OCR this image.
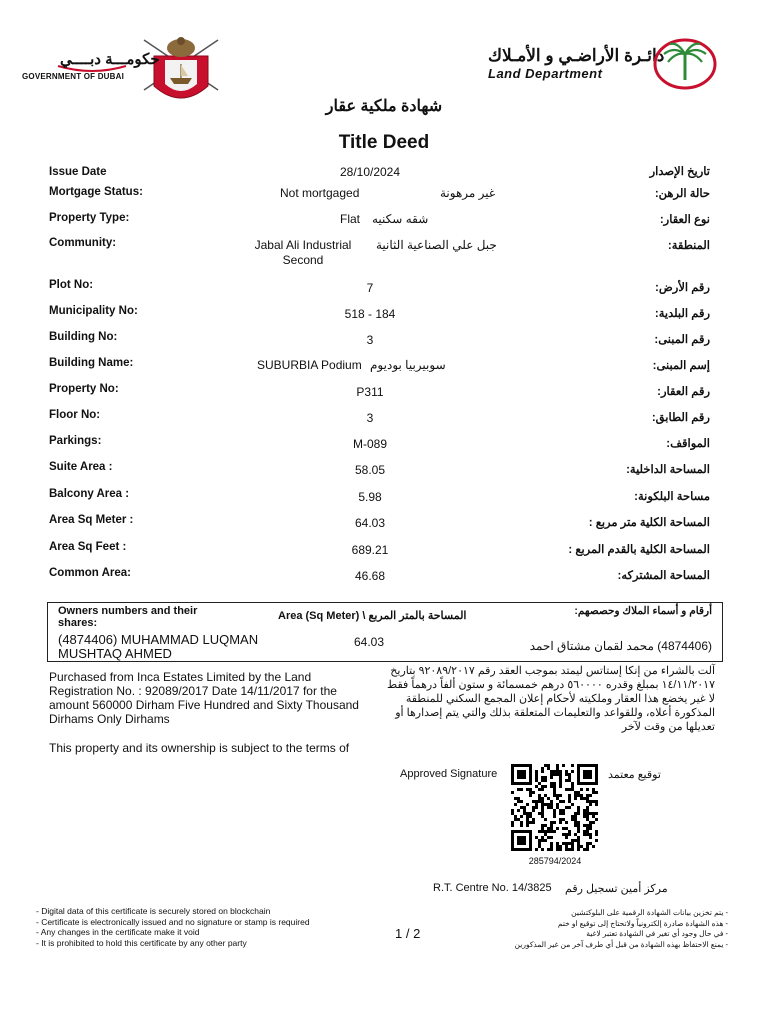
حكومـــة دبــــي
GOVERNMENT OF DUBAI
دائـرة الأراضـي و الأمـلاك
Land Department
شهادة ملكية عقار
Title Deed
Issue Date	28/10/2024	تاريخ الإصدار
Mortgage Status:	Not mortgaged	غير مرهونة	حالة الرهن:
Property Type:	Flat شقه سكنيه	نوع العقار:
Community:	Jabal Ali Industrial Second
جبل علي الصناعية الثانية	المنطقة:
Plot No:	7	رقم الأرض:
Municipality No:	518 - 184	رقم البلدية:
Building No:	3	رقم المبنى:
Building Name:	SUBURBIA Podium سوبيربيا بوديوم	إسم المبنى:
Property No:	P311	رقم العقار:
Floor No:	3	رقم الطابق:
Parkings:	M-089	المواقف:
Suite Area :	58.05	المساحة الداخلية:
Balcony Area :	5.98	مساحة البلكونة:
Area Sq Meter :	64.03	المساحة الكلية متر مربع :
Area Sq Feet :	689.21	المساحة الكلية بالقدم المربع :
Common Area:	46.68	المساحة المشتركه:
Owners numbers and their shares:
Area (Sq Meter) \ المساحة بالمتر المربع	أرقام و أسماء الملاك وحصصهم:
(4874406) MUHAMMAD LUQMAN MUSHTAQ AHMED
64.03	(4874406) محمد لقمان مشتاق احمد
Purchased from Inca Estates Limited by the Land Registration No. : 92089/2017 Date 14/11/2017 for the amount 560000 Dirham Five Hundred and Sixty Thousand Dirhams Only Dirhams
This property and its ownership is subject to the terms of
آلت بالشراء من إنكا إستاتس ليمتد بموجب العقد رقم ٩٢٠٨٩/٢٠١٧ بتاريخ ١٤/١١/٢٠١٧ بمبلغ وقدره ٥٦٠٠٠٠ درهم خمسمائة و ستون ألفاً درهماً فقط لا غير يخضع هذا العقار وملكيته لأحكام إعلان المجمع السكني للمنطقة المذكورة أعلاه، وللقواعد والتعليمات المتعلقة بذلك والتي يتم إصدارها أو تعديلها من وقت لآخر
Approved Signature	توقيع معتمد
285794/2024
R.T. Centre No. 14/3825 مركز أمين تسجيل رقم
- Digital data of this certificate is securely stored on blockchain
- Certificate is electronically issued and no signature or stamp is required
- Any changes in the certificate make it void
- It is prohibited to hold this certificate by any other party
1 / 2
- يتم تخزين بيانات الشهادة الرقمية على البلوكتشين
- هذه الشهادة صادرة إلكترونياً ولاتحتاج إلى توقيع او ختم
- في حال وجود أي تغير في الشهادة تعتبر لاغية
- يمنع الاحتفاظ بهذه الشهادة من قبل أي طرف آخر من غير المذكورين
